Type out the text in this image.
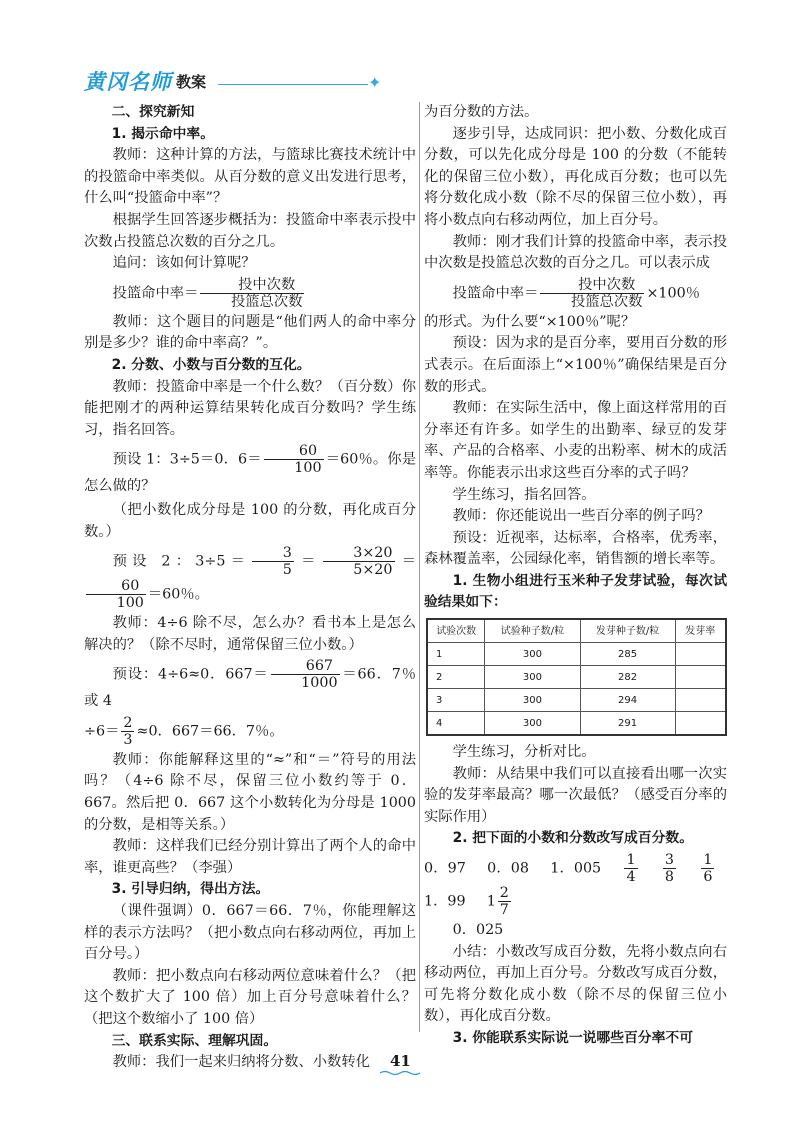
黄冈名师 教案	✦

二、探究新知

1. 揭示命中率。

教师：这种计算的方法，与篮球比赛技术统计中的投篮命中率类似。从百分数的意义出发进行思考，什么叫“投篮命中率”？

根据学生回答逐步概括为：投篮命中率表示投中次数占投篮总次数的百分之几。

追问：该如何计算呢？

投篮命中率＝ $\frac{\text{投中次数}}{\text{投篮总次数}}$

教师：这个题目的问题是“他们两人的命中率分别是多少？谁的命中率高？”。

2. 分数、小数与百分数的互化。

教师：投篮命中率是一个什么数？（百分数）你能把刚才的两种运算结果转化成百分数吗？学生练习，指名回答。

预设 1：3÷5＝0．$6= \frac{60}{100} =60$％。你是怎么做的？

（把小数化成分母是 100 的分数，再化成百分数。）

预设 2：$3\div 5= \frac{3}{5} = \frac{3\times 20}{5\times 20}$ ＝
$\frac{60}{100} =60$％。

教师：4÷6 除不尽，怎么办？看书本上是怎么解决的？（除不尽时，通常保留三位小数。）

预设：4÷6≈0．$667= \frac{667}{1000} =66$．7％或 4

$\div 6= \frac{2}{3} \approx 0$．667＝66．7％。

教师：你能解释这里的“≈”和“＝”符号的用法吗？（4÷6 除不尽，保留三位小数约等于 0．667。然后把 0．667 这个小数转化为分母是 1000 的分数，是相等关系。）

教师：这样我们已经分别计算出了两个人的命中率，谁更高些？（李强）

3. 引导归纳，得出方法。

（课件强调）0．667＝66．7％，你能理解这样的表示方法吗？（把小数点向右移动两位，再加上百分号。）

教师：把小数点向右移动两位意味着什么？（把这个数扩大了 100 倍）加上百分号意味着什么？（把这个数缩小了 100 倍）

三、联系实际、理解巩固。

教师：我们一起来归纳将分数、小数转化

为百分数的方法。

逐步引导，达成同识：把小数、分数化成百分数，可以先化成分母是 100 的分数（不能转化的保留三位小数），再化成百分数；也可以先将分数化成小数（除不尽的保留三位小数），再将小数点向右移动两位，加上百分号。

教师：刚才我们计算的投篮命中率，表示投中次数是投篮总次数的百分之几。可以表示成

投篮命中率＝ $\frac{\text{投中次数}}{\text{投篮总次数}} \times 100$％

的形式。为什么要“×100％”呢？

预设：因为求的是百分率，要用百分数的形式表示。在后面添上“×100％”确保结果是百分数的形式。

教师：在实际生活中，像上面这样常用的百分率还有许多。如学生的出勤率、绿豆的发芽率、产品的合格率、小麦的出粉率、树木的成活率等。你能表示出求这些百分率的式子吗？

学生练习，指名回答。

教师：你还能说出一些百分率的例子吗？

预设：近视率，达标率，合格率，优秀率，森林覆盖率，公园绿化率，销售额的增长率等。

1. 生物小组进行玉米种子发芽试验，每次试验结果如下：

试验次数	试验种子数/粒	发芽种子数/粒	发芽率
1	300	285	
2	300	282	
3	300	294	
4	300	291	

学生练习，分析对比。

教师：从结果中我们可以直接看出哪一次实验的发芽率最高？哪一次最低？（感受百分率的实际作用）

2. 把下面的小数和分数改写成百分数。

0．97 0．08 1．$005 \frac{1}{4}$
$\frac{3}{8}$
$\frac{1}{6}$
1．99 $1 \frac{2}{7}$

0．025

小结：小数改写成百分数，先将小数点向右移动两位，再加上百分号。分数改写成百分数，可先将分数化成小数（除不尽的保留三位小数），再化成百分数。

3. 你能联系实际说一说哪些百分率不可

41
